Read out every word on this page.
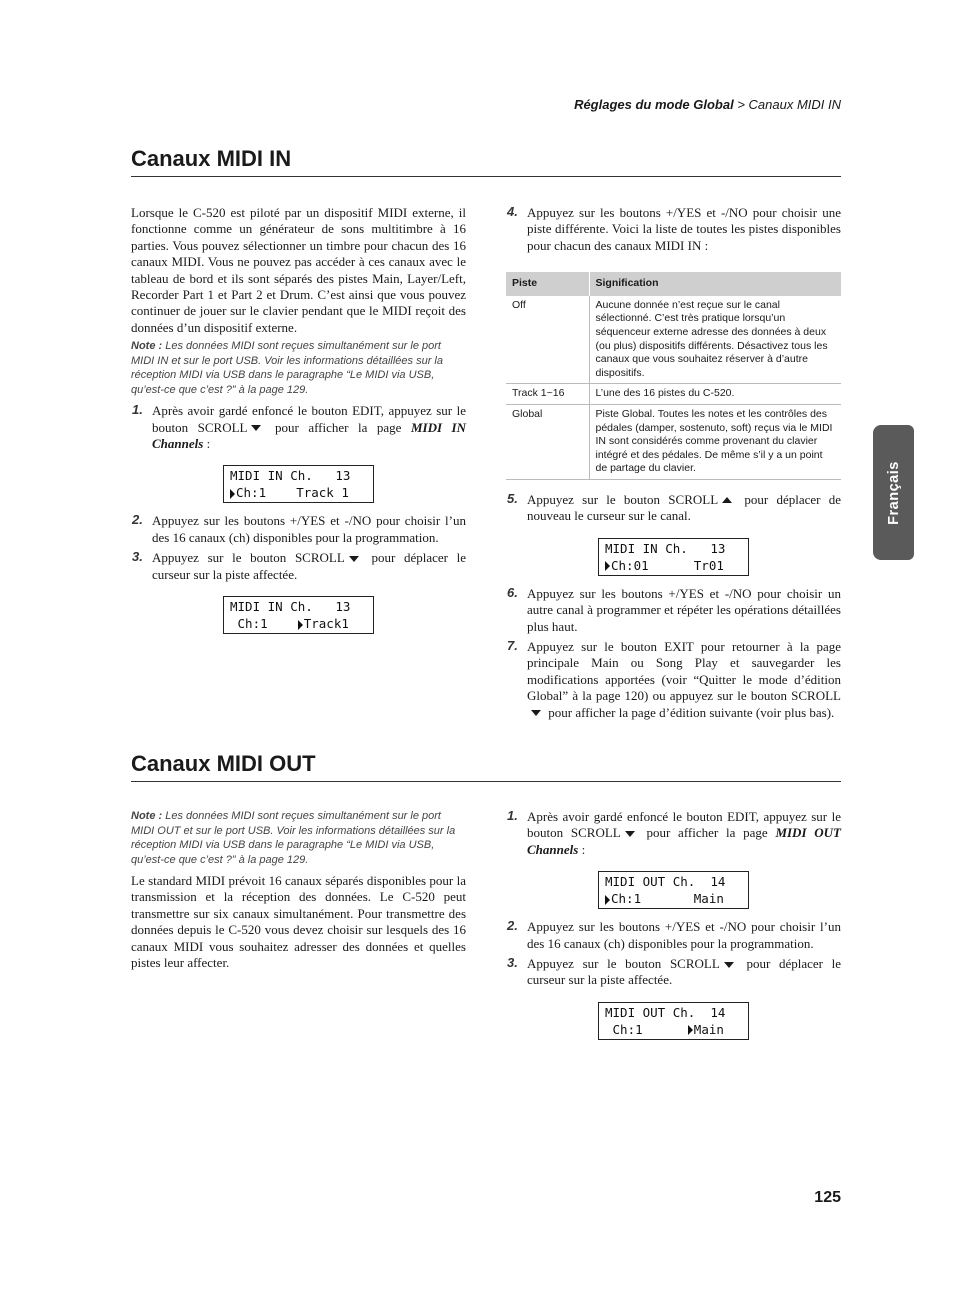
Réglages du mode Global > Canaux MIDI IN
Canaux MIDI IN

Lorsque le C-520 est piloté par un dispositif MIDI externe, il fonctionne comme un générateur de sons multitimbre à 16 parties. Vous pouvez sélectionner un timbre pour chacun des 16 canaux MIDI. Vous ne pouvez pas accéder à ces canaux avec le tableau de bord et ils sont séparés des pistes Main, Layer/Left, Recorder Part 1 et Part 2 et Drum. C’est ainsi que vous pouvez continuer de jouer sur le clavier pendant que le MIDI reçoit des données d’un dispositif externe.

Note : Les données MIDI sont reçues simultanément sur le port MIDI IN et sur le port USB. Voir les informations détaillées sur la réception MIDI via USB dans le paragraphe “Le MIDI via USB, qu’est-ce que c’est ?” à la page 129.

1. Après avoir gardé enfoncé le bouton EDIT, appuyez sur le bouton SCROLL pour afficher la page MIDI IN Channels :
MIDI IN Ch.   13
Ch:1    Track 1
2. Appuyez sur les boutons +/YES et -/NO pour choisir l’un des 16 canaux (ch) disponibles pour la programmation.
3. Appuyez sur le bouton SCROLL pour déplacer le curseur sur la piste affectée.
MIDI IN Ch.   13
Ch:1    Track1
4. Appuyez sur les boutons +/YES et -/NO pour choisir une piste différente. Voici la liste de toutes les pistes disponibles pour chacun des canaux MIDI IN :
Piste	Signification
Off	Aucune donnée n’est reçue sur le canal sélectionné. C’est très pratique lorsqu’un séquenceur externe adresse des données à deux (ou plus) dispositifs différents. Désactivez tous les canaux que vous souhaitez réserver à d’autre dispositifs.
Track 1~16	L’une des 16 pistes du C-520.
Global	Piste Global. Toutes les notes et les contrôles des pédales (damper, sostenuto, soft) reçus via le MIDI IN sont considérés comme provenant du clavier intégré et des pédales. De même s’il y a un point de partage du clavier.
5. Appuyez sur le bouton SCROLL pour déplacer de nouveau le curseur sur le canal.
MIDI IN Ch.   13
Ch:01      Tr01
6. Appuyez sur les boutons +/YES et -/NO pour choisir un autre canal à programmer et répéter les opérations détaillées plus haut.
7. Appuyez sur le bouton EXIT pour retourner à la page principale Main ou Song Play et sauvegarder les modifications apportées (voir “Quitter le mode d’édition Global” à la page 120) ou appuyez sur le bouton SCROLL pour afficher la page d’édition suivante (voir plus bas).
Canaux MIDI OUT

Note : Les données MIDI sont reçues simultanément sur le port MIDI OUT et sur le port USB. Voir les informations détaillées sur la réception MIDI via USB dans le paragraphe “Le MIDI via USB, qu’est-ce que c’est ?” à la page 129.

Le standard MIDI prévoit 16 canaux séparés disponibles pour la transmission et la réception des données. Le C-520 peut transmettre sur six canaux simultanément. Pour transmettre des données depuis le C-520 vous devez choisir sur lesquels des 16 canaux MIDI vous souhaitez adresser des données et quelles pistes leur affecter.

1. Après avoir gardé enfoncé le bouton EDIT, appuyez sur le bouton SCROLL pour afficher la page MIDI OUT Channels :
MIDI OUT Ch.  14
Ch:1       Main
2. Appuyez sur les boutons +/YES et -/NO pour choisir l’un des 16 canaux (ch) disponibles pour la programmation.
3. Appuyez sur le bouton SCROLL pour déplacer le curseur sur la piste affectée.
MIDI OUT Ch.  14
Ch:1      Main
Français
125
